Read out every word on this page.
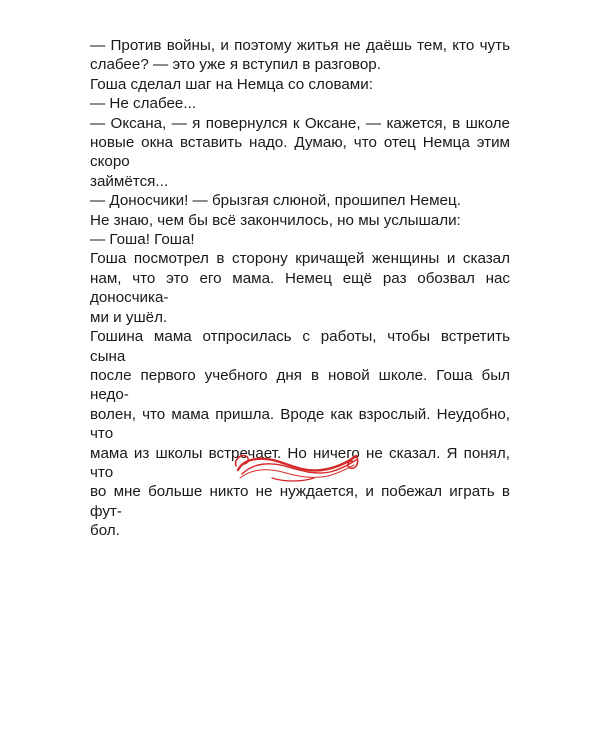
— Против войны, и поэтому житья не даёшь тем, кто чуть
слабее? — это уже я вступил в разговор.
Гоша сделал шаг на Немца со словами:
— Не слабее...
— Оксана, — я повернулся к Оксане, — кажется, в школе
новые окна вставить надо. Думаю, что отец Немца этим скоро
займётся...
— Доносчики! — брызгая слюной, прошипел Немец.
Не знаю, чем бы всё закончилось, но мы услышали:
— Гоша! Гоша!
Гоша посмотрел в сторону кричащей женщины и сказал
нам, что это его мама. Немец ещё раз обозвал нас доносчика-
ми и ушёл.
Гошина мама отпросилась с работы, чтобы встретить сына
после первого учебного дня в новой школе. Гоша был недо-
волен, что мама пришла. Вроде как взрослый. Неудобно, что
мама из школы встречает. Но ничего не сказал. Я понял, что
во мне больше никто не нуждается, и побежал играть в фут-
бол.
